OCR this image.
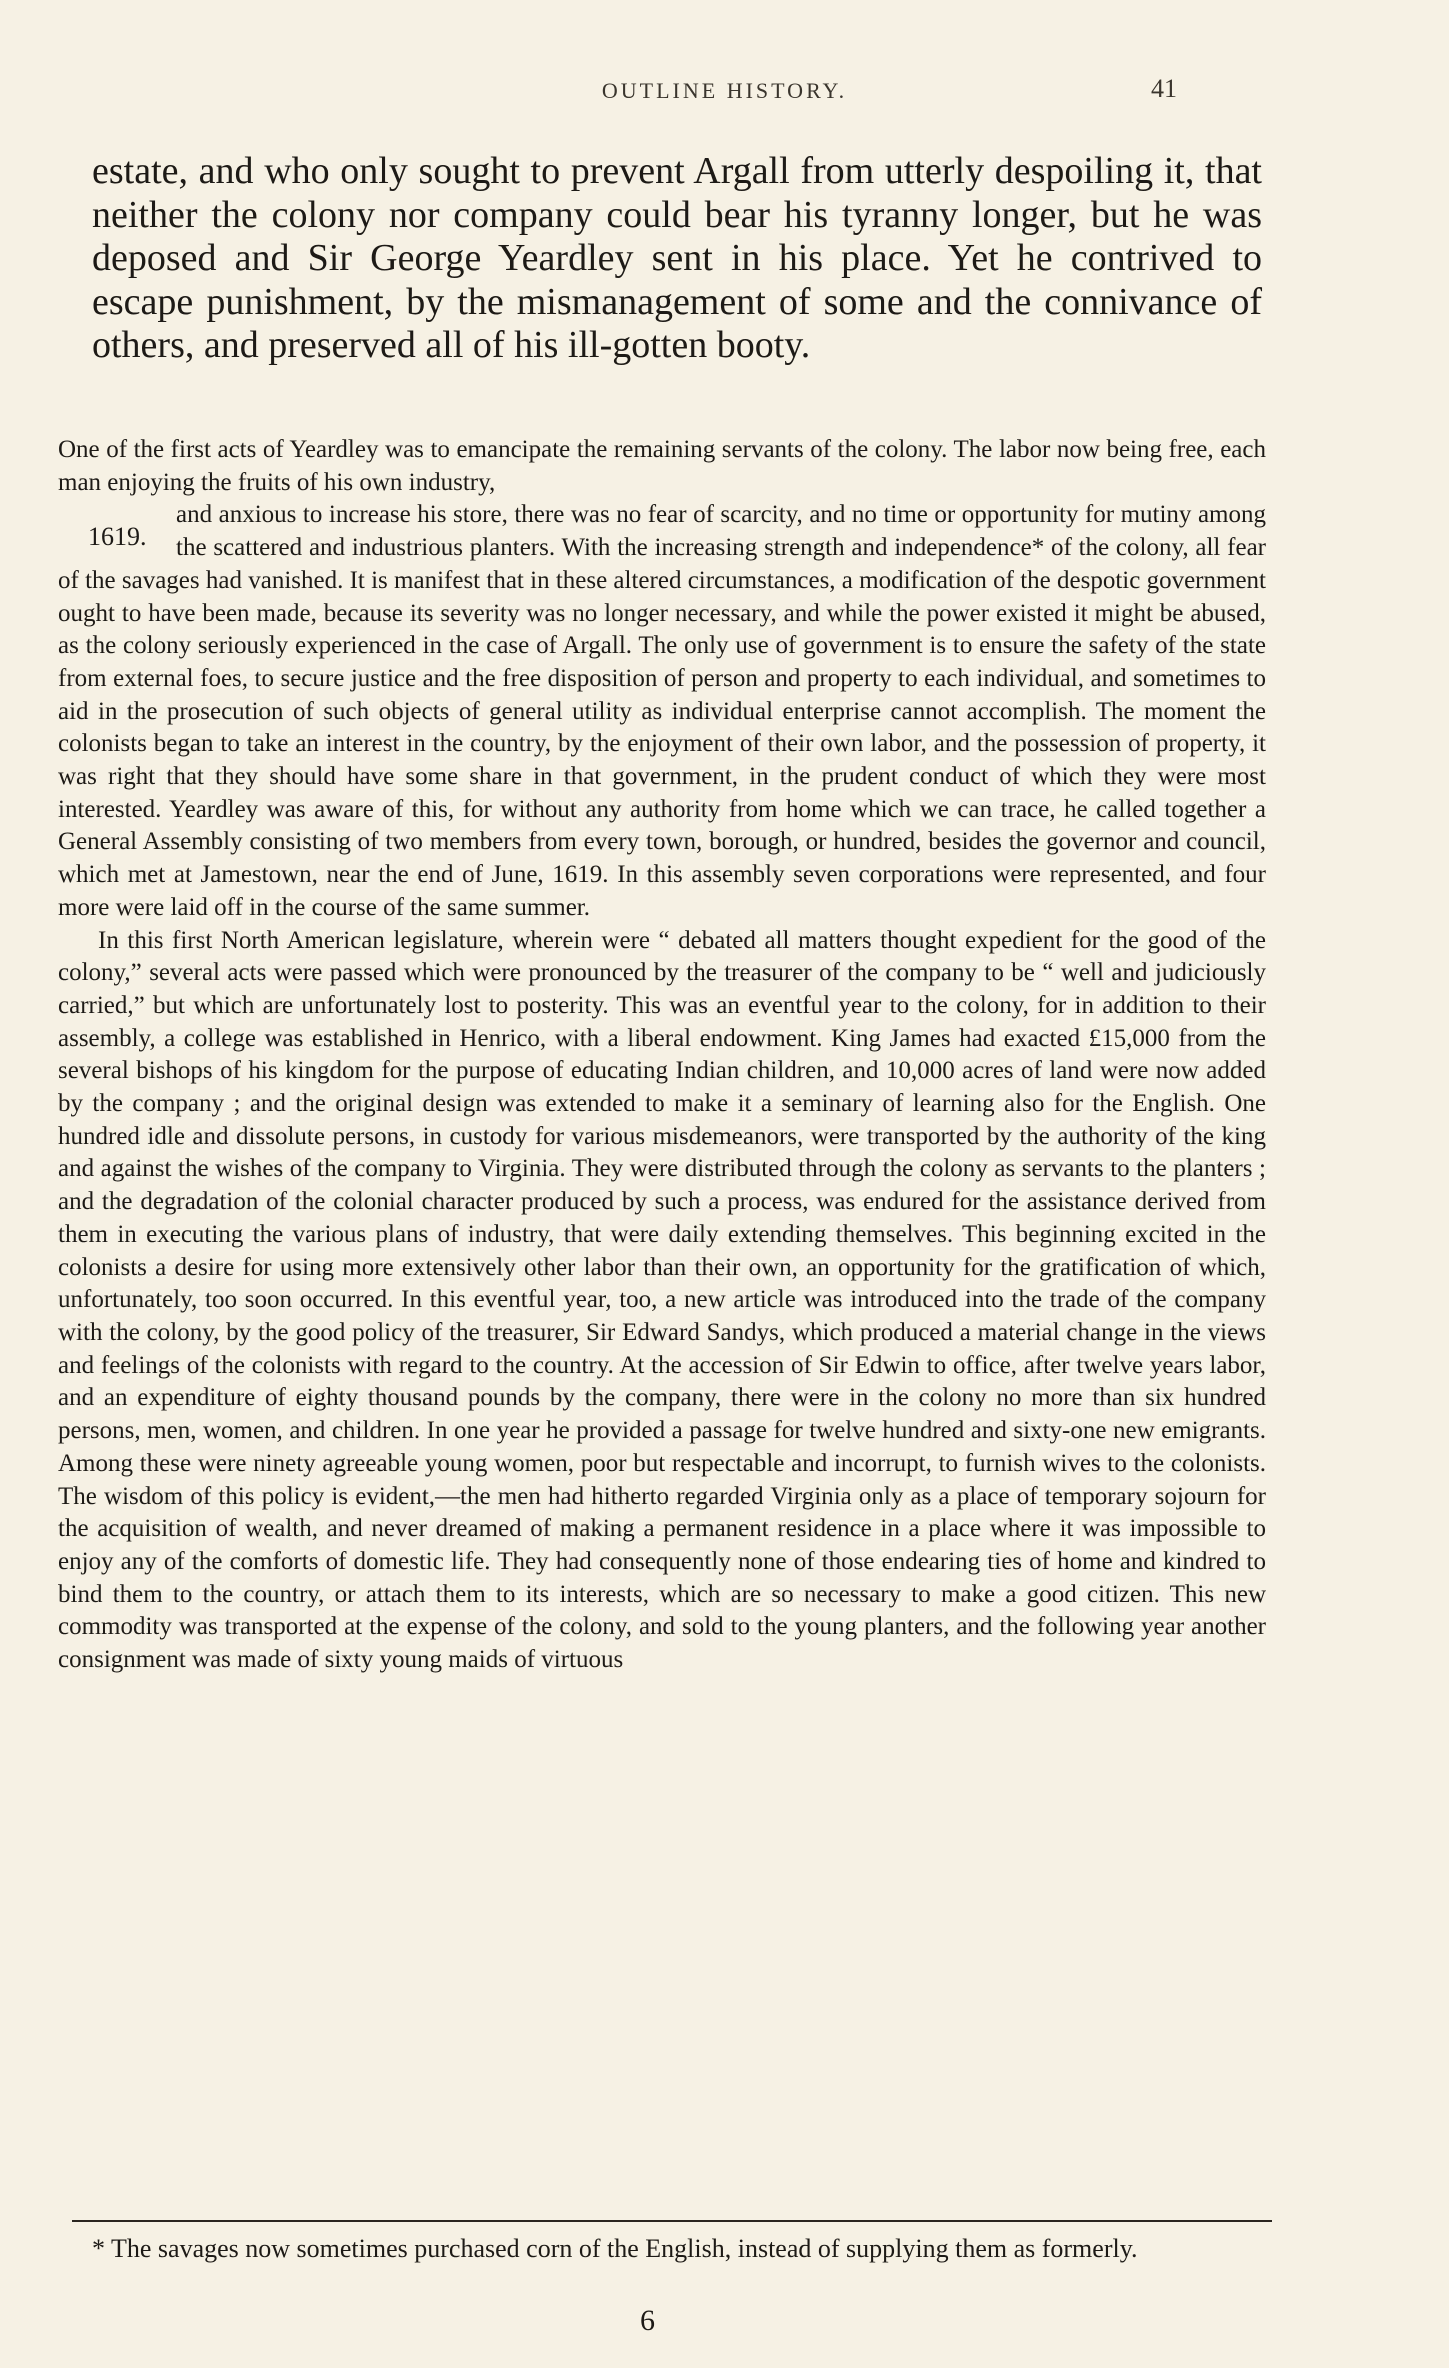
OUTLINE HISTORY.	41
estate, and who only sought to prevent Argall from utterly despoiling it, that neither the colony nor company could bear his tyranny longer, but he was deposed and Sir George Yeardley sent in his place. Yet he contrived to escape punishment, by the mismanagement of some and the connivance of others, and preserved all of his ill-gotten booty.

One of the first acts of Yeardley was to emancipate the remaining servants of the colony. The labor now being free, each man enjoying the fruits of his own industry,

1619.
and anxious to increase his store, there was no fear of scarcity, and no time or opportunity for mutiny among the scattered and industrious planters. With the increasing strength and independence* of the colony, all fear of the savages had vanished. It is manifest that in these altered circumstances, a modification of the despotic government ought to have been made, because its severity was no longer necessary, and while the power existed it might be abused, as the colony seriously experienced in the case of Argall. The only use of government is to ensure the safety of the state from external foes, to secure justice and the free disposition of person and property to each individual, and sometimes to aid in the prosecution of such objects of general utility as individual enterprise cannot accomplish. The moment the colonists began to take an interest in the country, by the enjoyment of their own labor, and the possession of property, it was right that they should have some share in that government, in the prudent conduct of which they were most interested. Yeardley was aware of this, for without any authority from home which we can trace, he called together a General Assembly consisting of two members from every town, borough, or hundred, besides the governor and council, which met at Jamestown, near the end of June, 1619. In this assembly seven corporations were represented, and four more were laid off in the course of the same summer.

In this first North American legislature, wherein were “ debated all matters thought expedient for the good of the colony,” several acts were passed which were pronounced by the treasurer of the company to be “ well and judiciously carried,” but which are unfortunately lost to posterity. This was an eventful year to the colony, for in addition to their assembly, a college was established in Henrico, with a liberal endowment. King James had exacted £15,000 from the several bishops of his kingdom for the purpose of educating Indian children, and 10,000 acres of land were now added by the company ; and the original design was extended to make it a seminary of learning also for the English. One hundred idle and dissolute persons, in custody for various misdemeanors, were transported by the authority of the king and against the wishes of the company to Virginia. They were distributed through the colony as servants to the planters ; and the degradation of the colonial character produced by such a process, was endured for the assistance derived from them in executing the various plans of industry, that were daily extending themselves. This beginning excited in the colonists a desire for using more extensively other labor than their own, an opportunity for the gratification of which, unfortunately, too soon occurred. In this eventful year, too, a new article was introduced into the trade of the company with the colony, by the good policy of the treasurer, Sir Edward Sandys, which produced a material change in the views and feelings of the colonists with regard to the country. At the accession of Sir Edwin to office, after twelve years labor, and an expenditure of eighty thousand pounds by the company, there were in the colony no more than six hundred persons, men, women, and children. In one year he provided a passage for twelve hundred and sixty-one new emigrants. Among these were ninety agreeable young women, poor but respectable and incorrupt, to furnish wives to the colonists. The wisdom of this policy is evident,—the men had hitherto regarded Virginia only as a place of temporary sojourn for the acquisition of wealth, and never dreamed of making a permanent residence in a place where it was impossible to enjoy any of the comforts of domestic life. They had consequently none of those endearing ties of home and kindred to bind them to the country, or attach them to its interests, which are so necessary to make a good citizen. This new commodity was transported at the expense of the colony, and sold to the young planters, and the following year another consignment was made of sixty young maids of virtuous

* The savages now sometimes purchased corn of the English, instead of supplying them as formerly.
6
